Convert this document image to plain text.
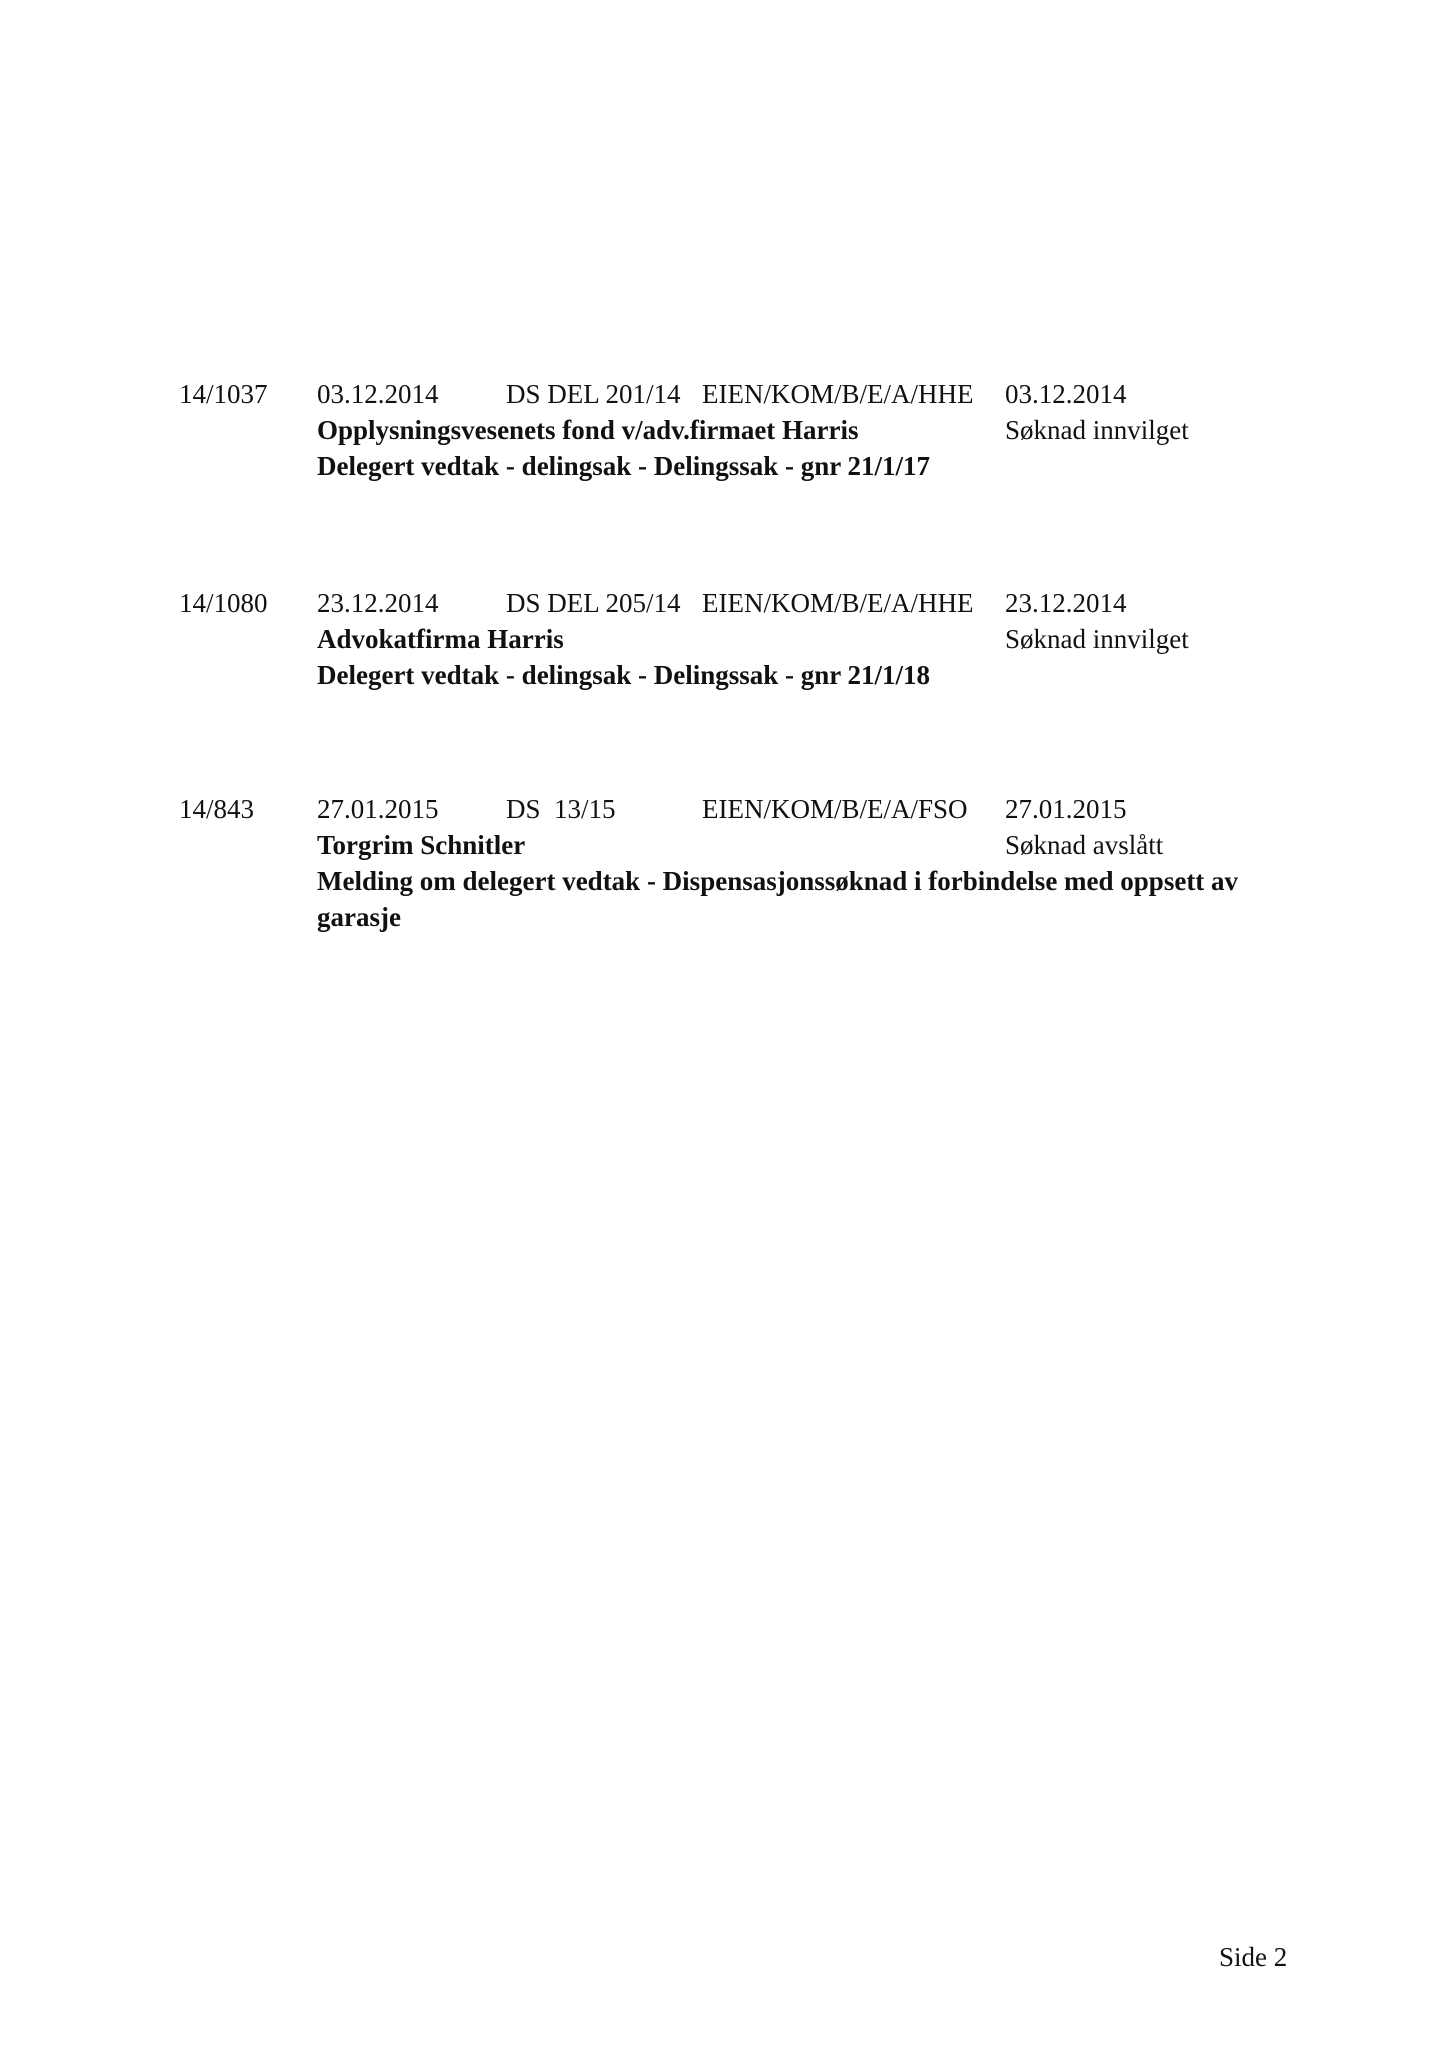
14/1037 03.12.2014	DS DEL 201/14 EIEN/KOM/B/E/A/HHE 03.12.2014
Opplysningsvesenets fond v/adv.firmaet Harris	Søknad innvilget
Delegert vedtak - delingsak - Delingssak - gnr 21/1/17
14/1080 23.12.2014	DS DEL 205/14 EIEN/KOM/B/E/A/HHE 23.12.2014
Advokatfirma Harris	Søknad innvilget
Delegert vedtak - delingsak - Delingssak - gnr 21/1/18
14/843 27.01.2015	DS  13/15	EIEN/KOM/B/E/A/FSO 27.01.2015
Torgrim Schnitler	Søknad avslått
Melding om delegert vedtak - Dispensasjonssøknad i forbindelse med oppsett av garasje
Side 2
